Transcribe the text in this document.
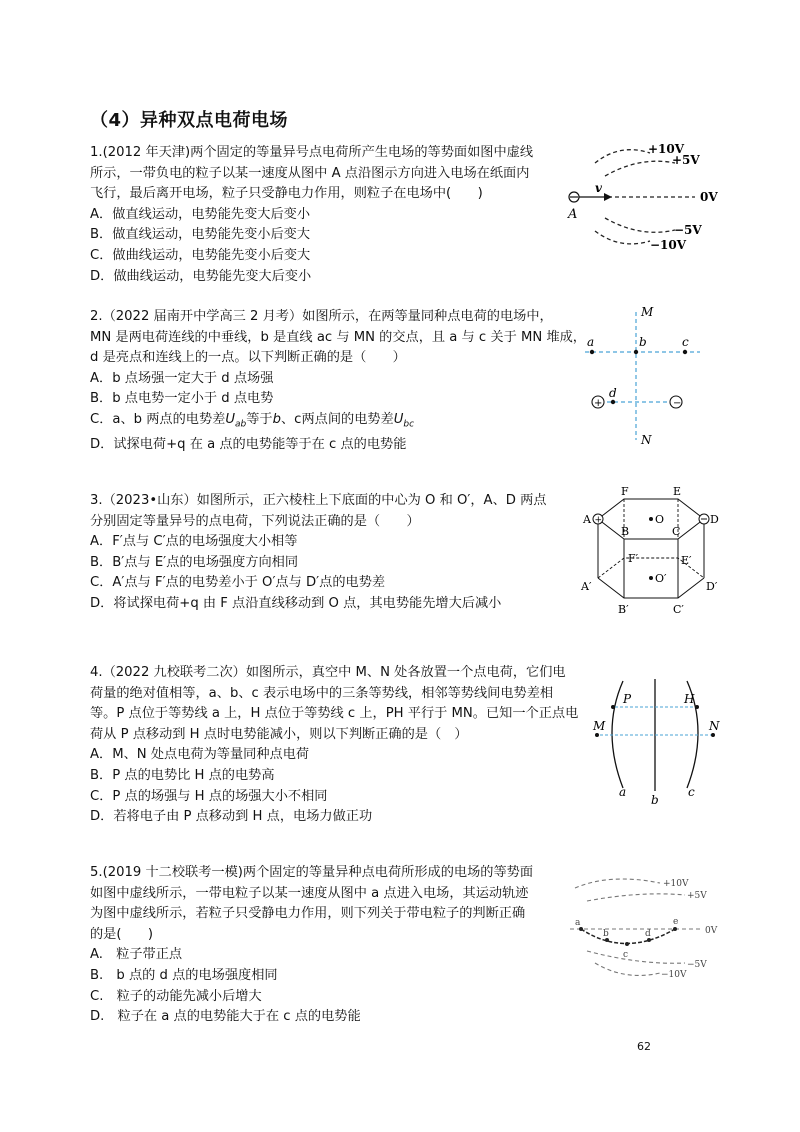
（4）异种双点电荷电场

1.(2012 年天津)两个固定的等量异号点电荷所产生电场的等势面如图中虚线

所示，一带负电的粒子以某一速度从图中 A 点沿图示方向进入电场在纸面内

飞行，最后离开电场，粒子只受静电力作用，则粒子在电场中(　　)

A．做直线运动，电势能先变大后变小

B．做直线运动，电势能先变小后变大

C．做曲线运动，电势能先变小后变大

D．做曲线运动，电势能先变大后变小

+10V
+5V
0V
−5V
−10V
A
v

2.（2022 届南开中学高三 2 月考）如图所示，在两等量同种点电荷的电场中，

MN 是两电荷连线的中垂线，b 是直线 ac 与 MN 的交点，且 a 与 c 关于 MN 堆成，

d 是亮点和连线上的一点。以下判断正确的是（　　）

A．b 点场强一定大于 d 点场强

B．b 点电势一定小于 d 点电势

C．a、b 两点的电势差$U_{ab}$等于b、c两点间的电势差$U_{bc}$

D．试探电荷+q 在 a 点的电势能等于在 c 点的电势能

M
a	b	c
d
N
+	−

3.（2023•山东）如图所示，正六棱柱上下底面的中心为 O 和 O′，A、D 两点

分别固定等量异号的点电荷，下列说法正确的是（　　）

A．F′点与 C′点的电场强度大小相等

B．B′点与 E′点的电场强度方向相同

C．A′点与 F′点的电势差小于 O′点与 D′点的电势差

D．将试探电荷+q 由 F 点沿直线移动到 O 点，其电势能先增大后减小

+
F	E
A
B	C
D
O
F′	E′
A′	D′
O′
B′	C′

4.（2022 九校联考二次）如图所示，真空中 M、N 处各放置一个点电荷，它们电

荷量的绝对值相等，a、b、c 表示电场中的三条等势线，相邻等势线间电势差相

等。P 点位于等势线 a 上，H 点位于等势线 c 上，PH 平行于 MN。已知一个正点电

荷从 P 点移动到 H 点时电势能减小，则以下判断正确的是（　）

A．M、N 处点电荷为等量同种点电荷

B．P 点的电势比 H 点的电势高

C．P 点的场强与 H 点的场强大小不相同

D．若将电子由 P 点移动到 H 点，电场力做正功

P	H
M	N
a
b
c

5.(2019 十二校联考一模)两个固定的等量异种点电荷所形成的电场的等势面

如图中虚线所示，一带电粒子以某一速度从图中 a 点进入电场，其运动轨迹

为图中虚线所示，若粒子只受静电力作用，则下列关于带电粒子的判断正确

的是(　　)

A.　粒子带正点

B.　b 点的 d 点的电场强度相同

C.　粒子的动能先减小后增大

D.　粒子在 a 点的电势能大于在 c 点的电势能

+10V
+5V
0V
−5V
−10V
a
b
c
d
e
62
